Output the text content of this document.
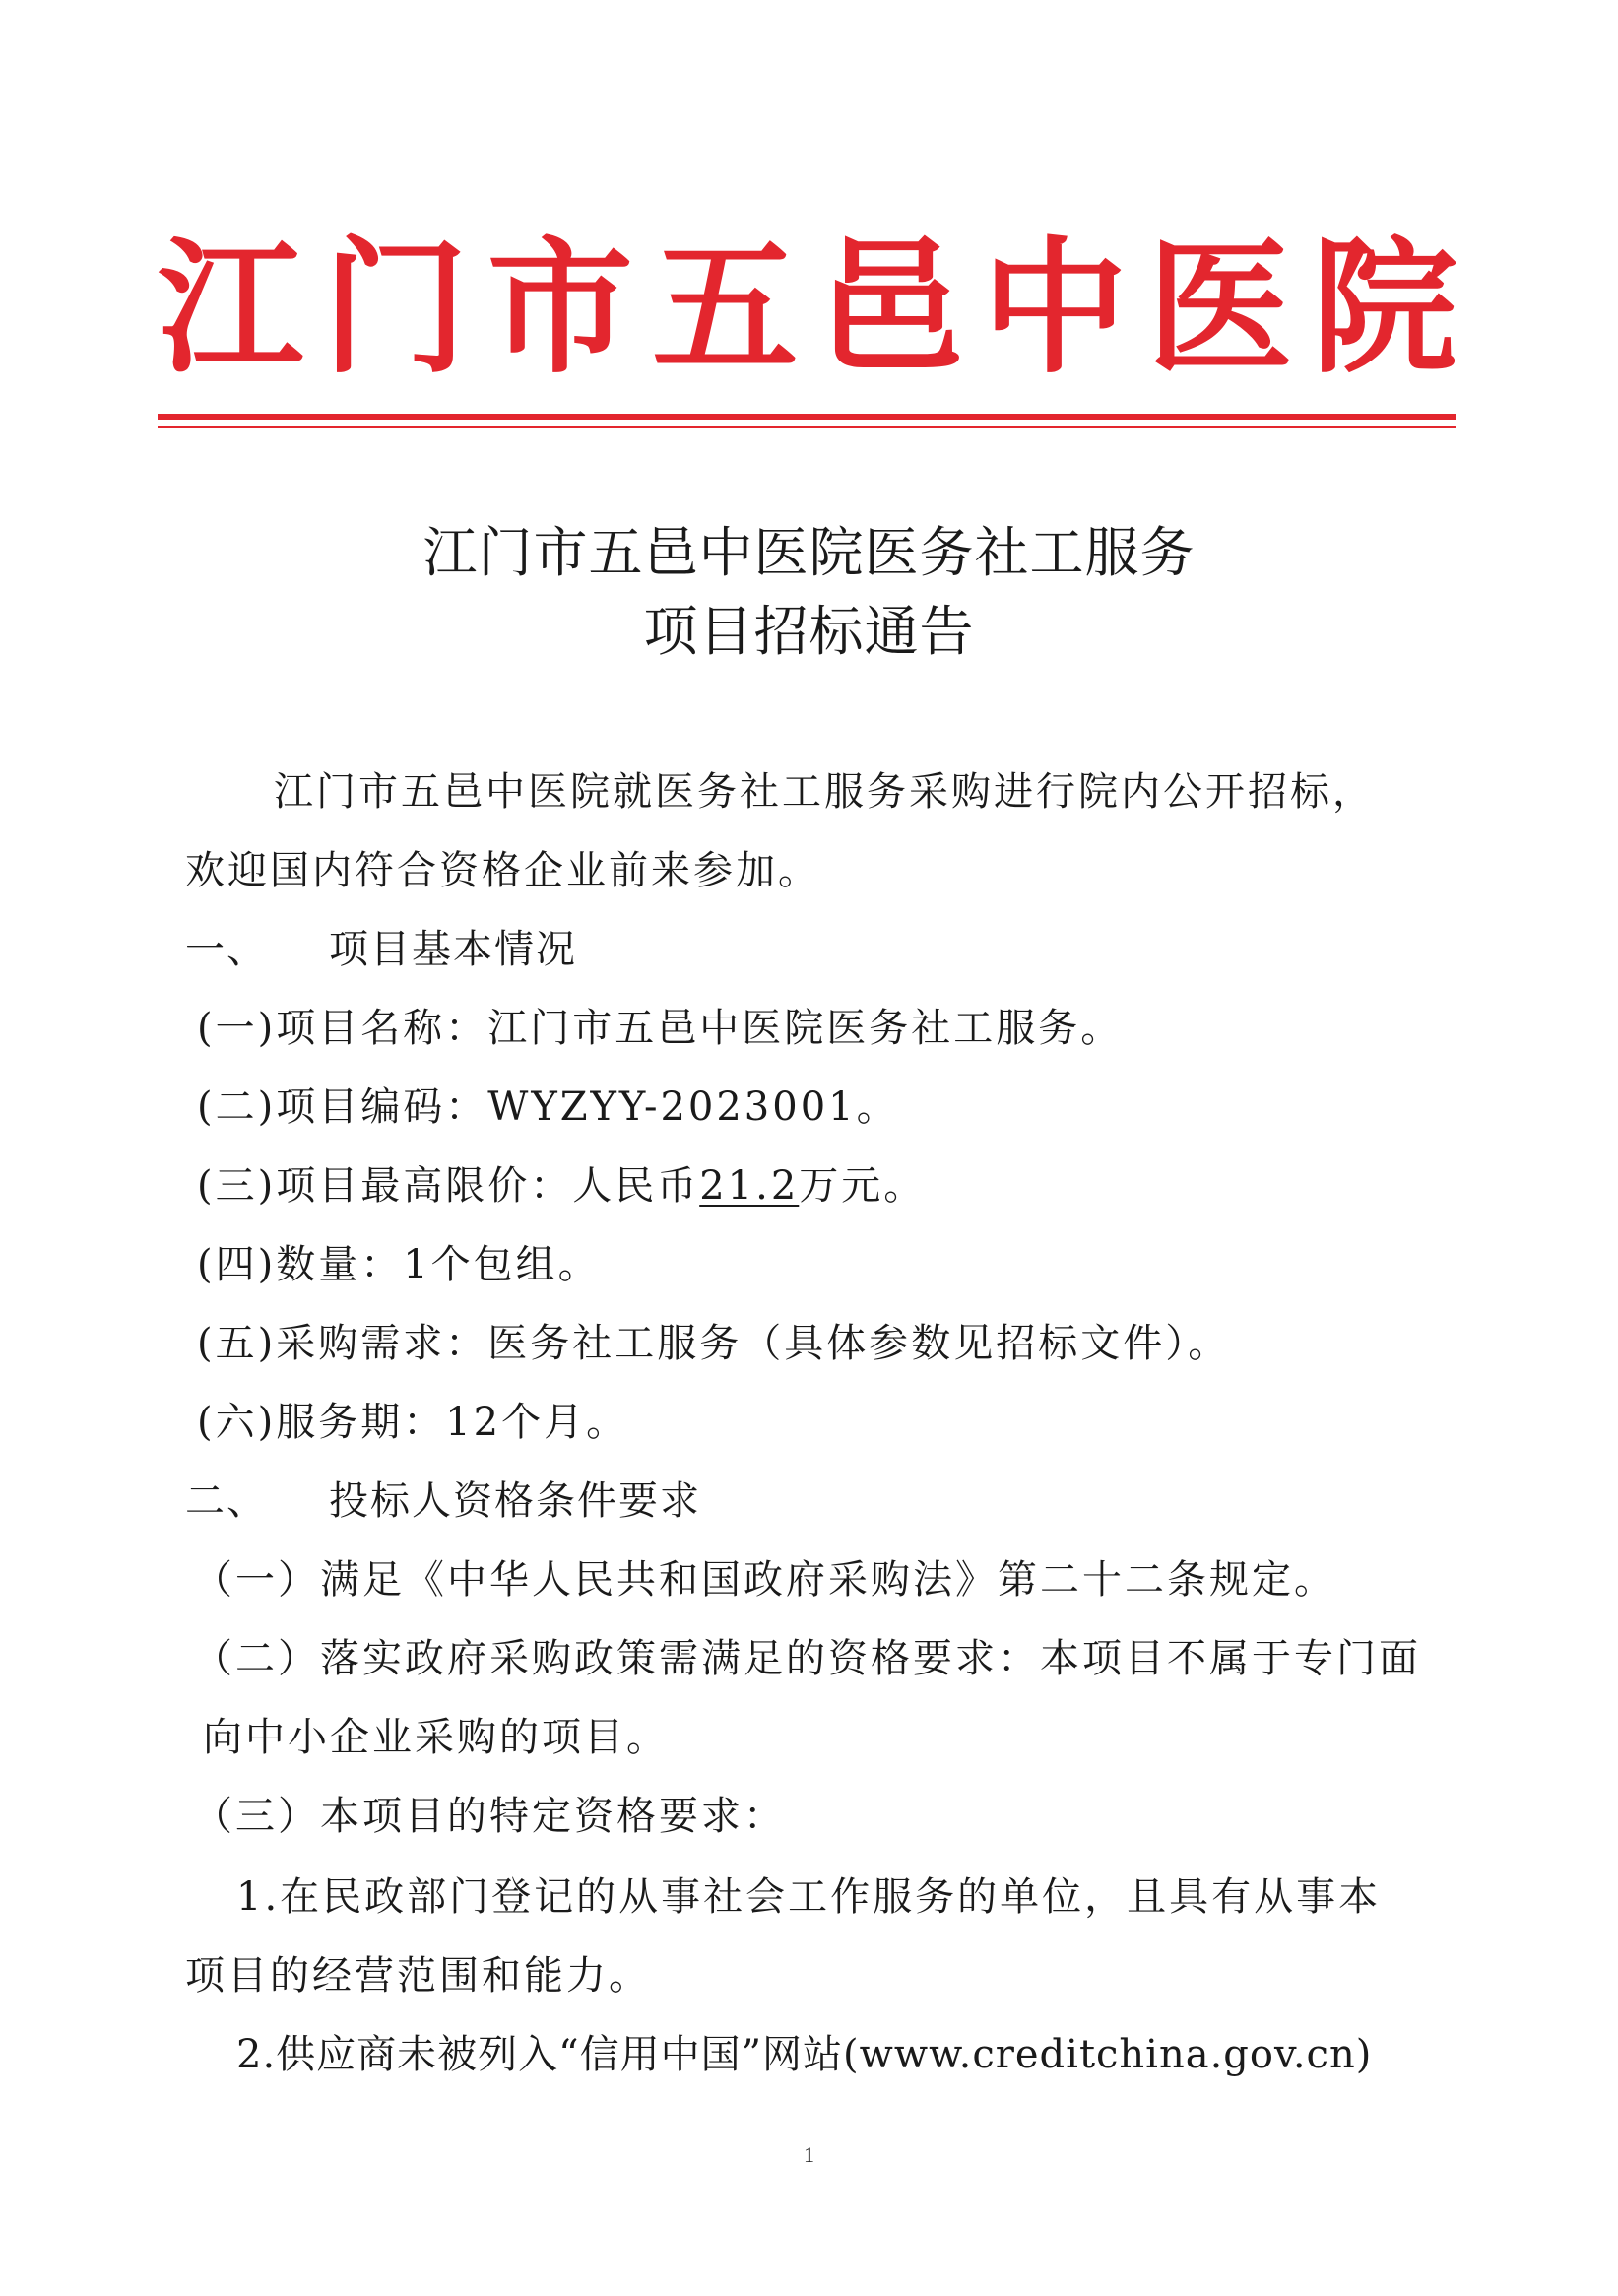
江 门 市 五 邑 中 医 院
江门市五邑中医院医务社工服务
项目招标通告
江门市五邑中医院就医务社工服务采购进行院内公开招标，
欢迎国内符合资格企业前来参加。
一、 项目基本情况
(一)项目名称：江门市五邑中医院医务社工服务。
(二)项目编码：WYZYY-2023001。
(三)项目最高限价：人民币21.2万元。
(四)数量：1个包组。
(五)采购需求：医务社工服务（具体参数见招标文件）。
(六)服务期：12个月。
二、 投标人资格条件要求
（一）满足《中华人民共和国政府采购法》第二十二条规定。
（二）落实政府采购政策需满足的资格要求：本项目不属于专门面
向中小企业采购的项目。
（三）本项目的特定资格要求：
1.在民政部门登记的从事社会工作服务的单位，且具有从事本
项目的经营范围和能力。
2.供应商未被列入“信用中国”网站(www.creditchina.gov.cn)
1
